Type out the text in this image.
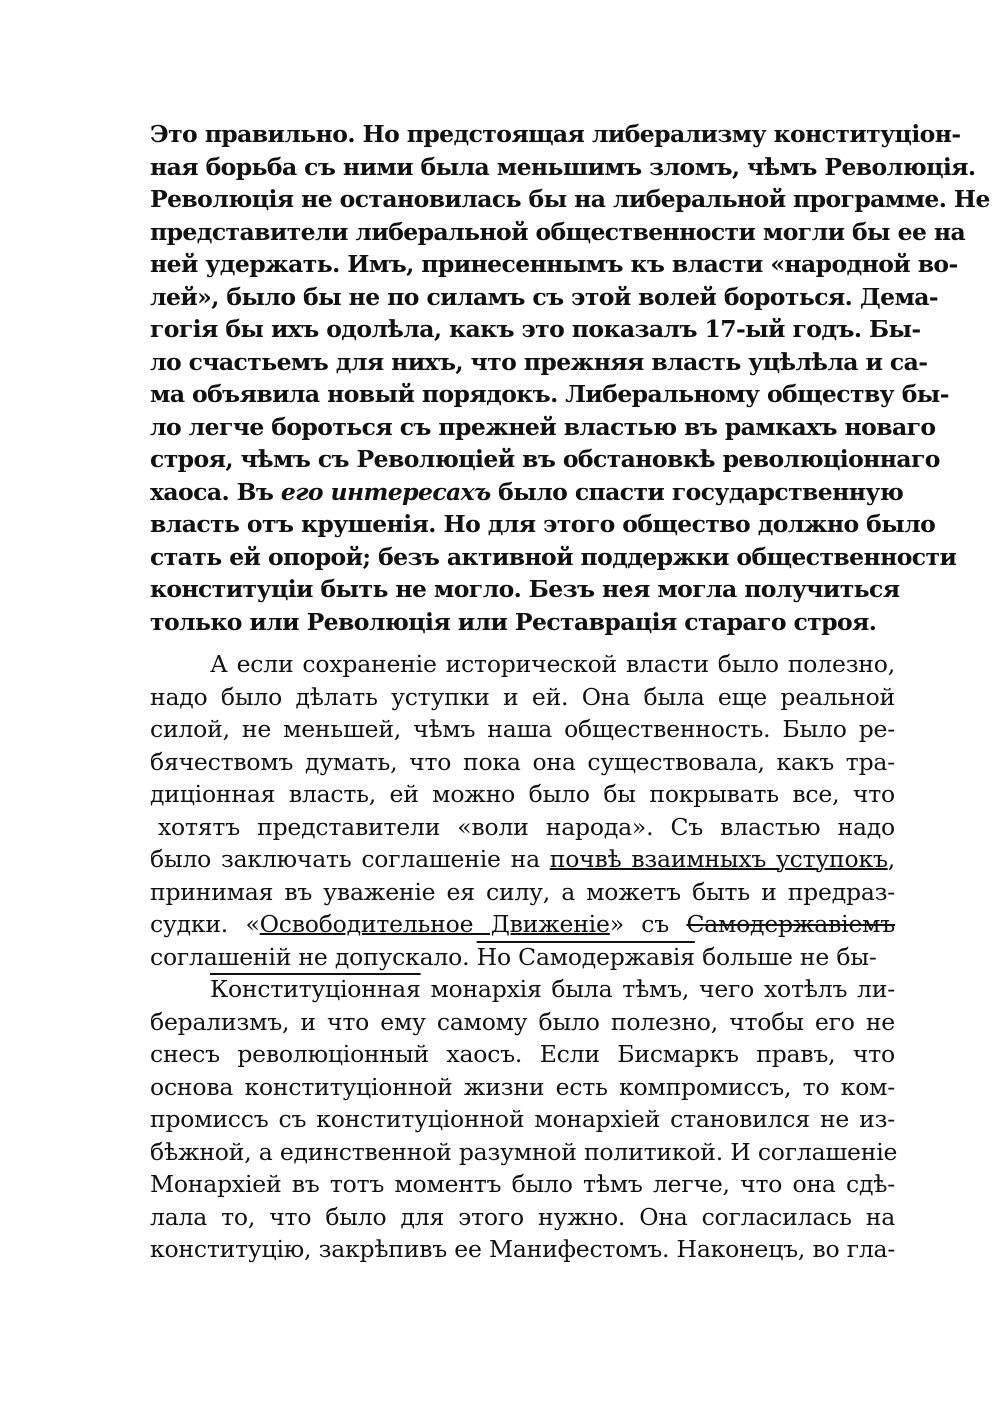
Это правильно. Но предстоящая либерализму конституціон-
ная борьба съ ними была меньшимъ зломъ, чѣмъ Революція.
Революція не остановилась бы на либеральной программе. Не
представители либеральной общественности могли бы ее на
ней удержать. Имъ, принесеннымъ къ власти «народной во-
лей», было бы не по силамъ съ этой волей бороться. Дема-
гогія бы ихъ одолѣла, какъ это показалъ 17-ый годъ. Бы-
ло счастьемъ для нихъ, что прежняя власть уцѣлѣла и са-
ма объявила новый порядокъ. Либеральному обществу бы-
ло легче бороться съ прежней властью въ рамкахъ новаго
строя, чѣмъ съ Революціей въ обстановкѣ революціоннаго
хаоса. Въ его интересахъ было спасти государственную
власть отъ крушенія. Но для этого общество должно было
стать ей опорой; безъ активной поддержки общественности
конституціи быть не могло. Безъ нея могла получиться
только или Революція или Реставрація стараго строя.
А если сохраненіе исторической власти было полезно,
надо было дѣлать уступки и ей. Она была еще реальной
силой, не меньшей, чѣмъ наша общественность. Было ре-
бячествомъ думать, что пока она существовала, какъ тра-
диціонная власть, ей можно было бы покрывать все, что
хотятъ представители «воли народа». Съ властью надо
было заключать соглашеніе на почвѣ взаимныхъ уступокъ,
принимая въ уваженіе ея силу, а можетъ быть и предраз-
судки. «Освободительное Движеніе» съ Самодержавіемъ
соглашеній не допускало. Но Самодержавія больше не бы-
Конституціонная монархія была тѣмъ, чего хотѣлъ ли-
берализмъ, и что ему самому было полезно, чтобы его не
снесъ революціонный хаосъ. Если Бисмаркъ правъ, что
основа конституціонной жизни есть компромиссъ, то ком-
промиссъ съ конституціонной монархіей становился не из-
бѣжной, а единственной разумной политикой. И соглашеніе
Монархіей въ тотъ моментъ было тѣмъ легче, что она сдѣ-
лала то, что было для этого нужно. Она согласилась на
конституцію, закрѣпивъ ее Манифестомъ. Наконецъ, во гла-
